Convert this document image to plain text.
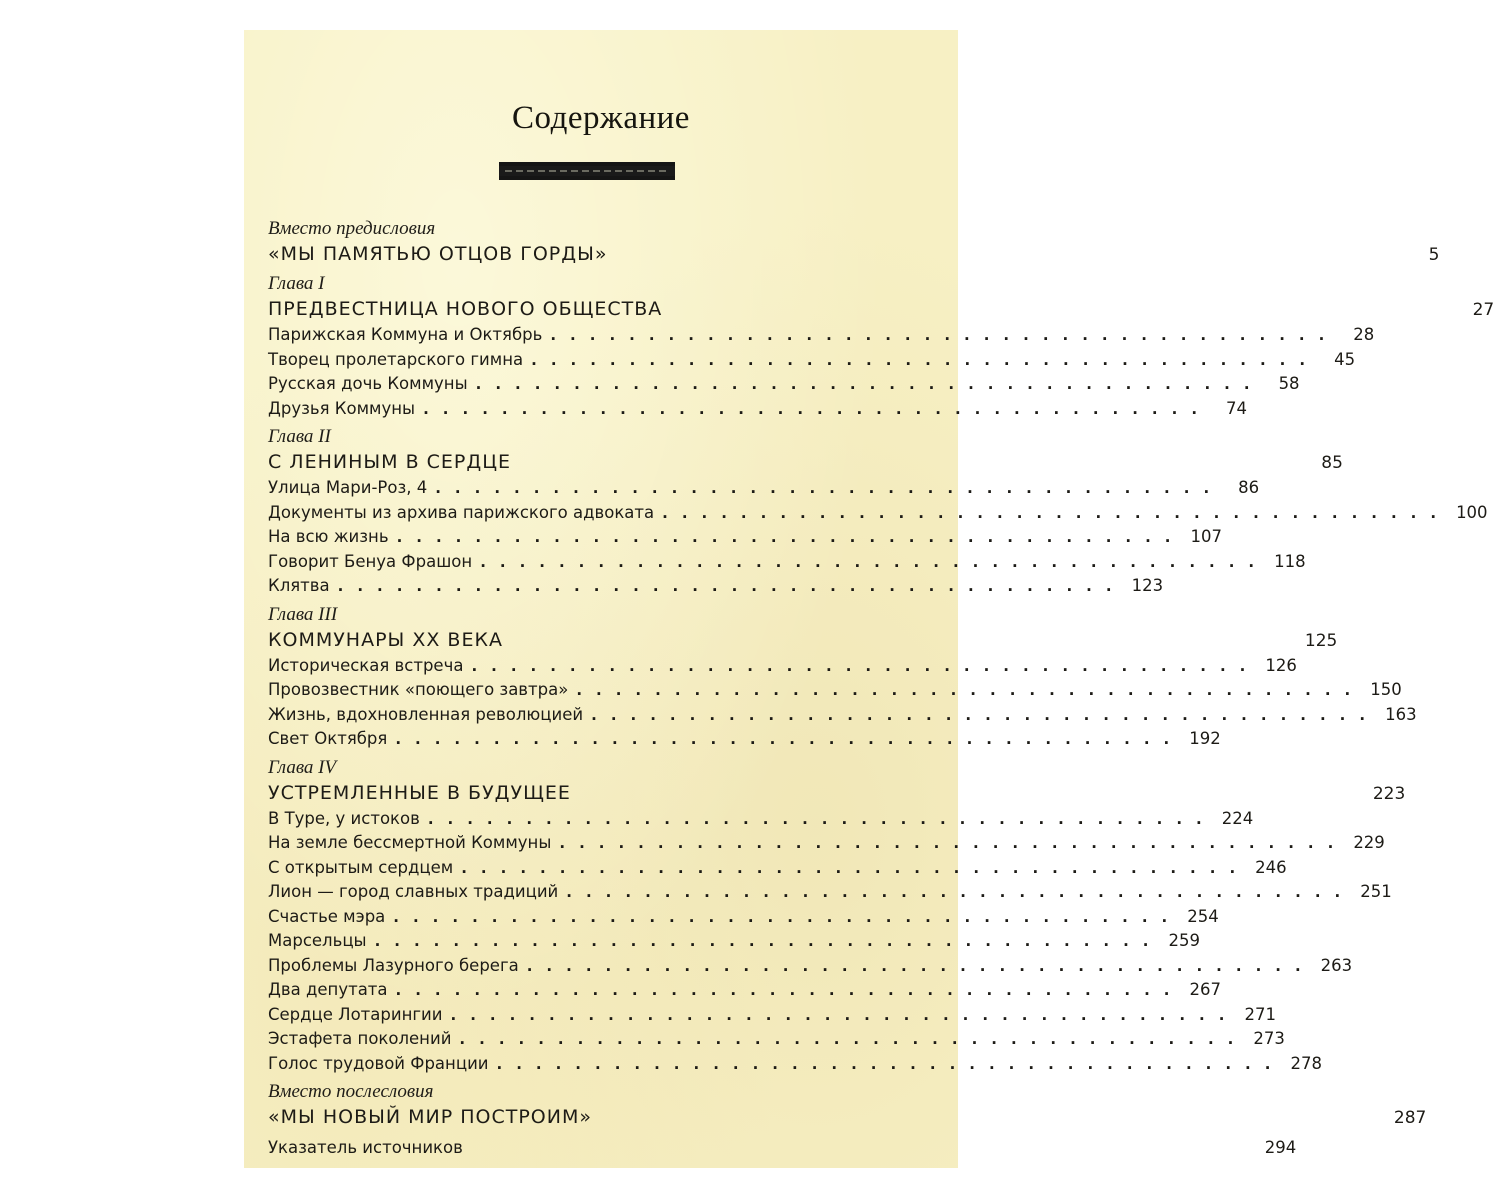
Содержание
Вместо предисловия
«МЫ ПАМЯТЬЮ ОТЦОВ ГОРДЫ»	5
Глава I
ПРЕДВЕСТНИЦА НОВОГО ОБЩЕСТВА	27
Парижская Коммуна и Октябрь ........................................ 28
Творец пролетарского гимна ........................................ 45
Русская дочь Коммуны ........................................ 58
Друзья Коммуны ........................................ 74
Глава II
С ЛЕНИНЫМ В СЕРДЦЕ	85
Улица Мари-Роз, 4 ........................................ 86
Документы из архива парижского адвоката ........................................ 100
На всю жизнь ........................................ 107
Говорит Бенуа Фрашон ........................................ 118
Клятва ........................................ 123
Глава III
КОММУНАРЫ XX ВЕКА	125
Историческая встреча ........................................ 126
Провозвестник «поющего завтра» ........................................ 150
Жизнь, вдохновленная революцией ........................................ 163
Свет Октября ........................................ 192
Глава IV
УСТРЕМЛЕННЫЕ В БУДУЩЕЕ	223
В Туре, у истоков ........................................ 224
На земле бессмертной Коммуны ........................................ 229
С открытым сердцем ........................................ 246
Лион — город славных традиций ........................................ 251
Счастье мэра ........................................ 254
Марсельцы ........................................ 259
Проблемы Лазурного берега ........................................ 263
Два депутата ........................................ 267
Сердце Лотарингии ........................................ 271
Эстафета поколений ........................................ 273
Голос трудовой Франции ........................................ 278
Вместо послесловия
«МЫ НОВЫЙ МИР ПОСТРОИМ»	287
Указатель источников	294
